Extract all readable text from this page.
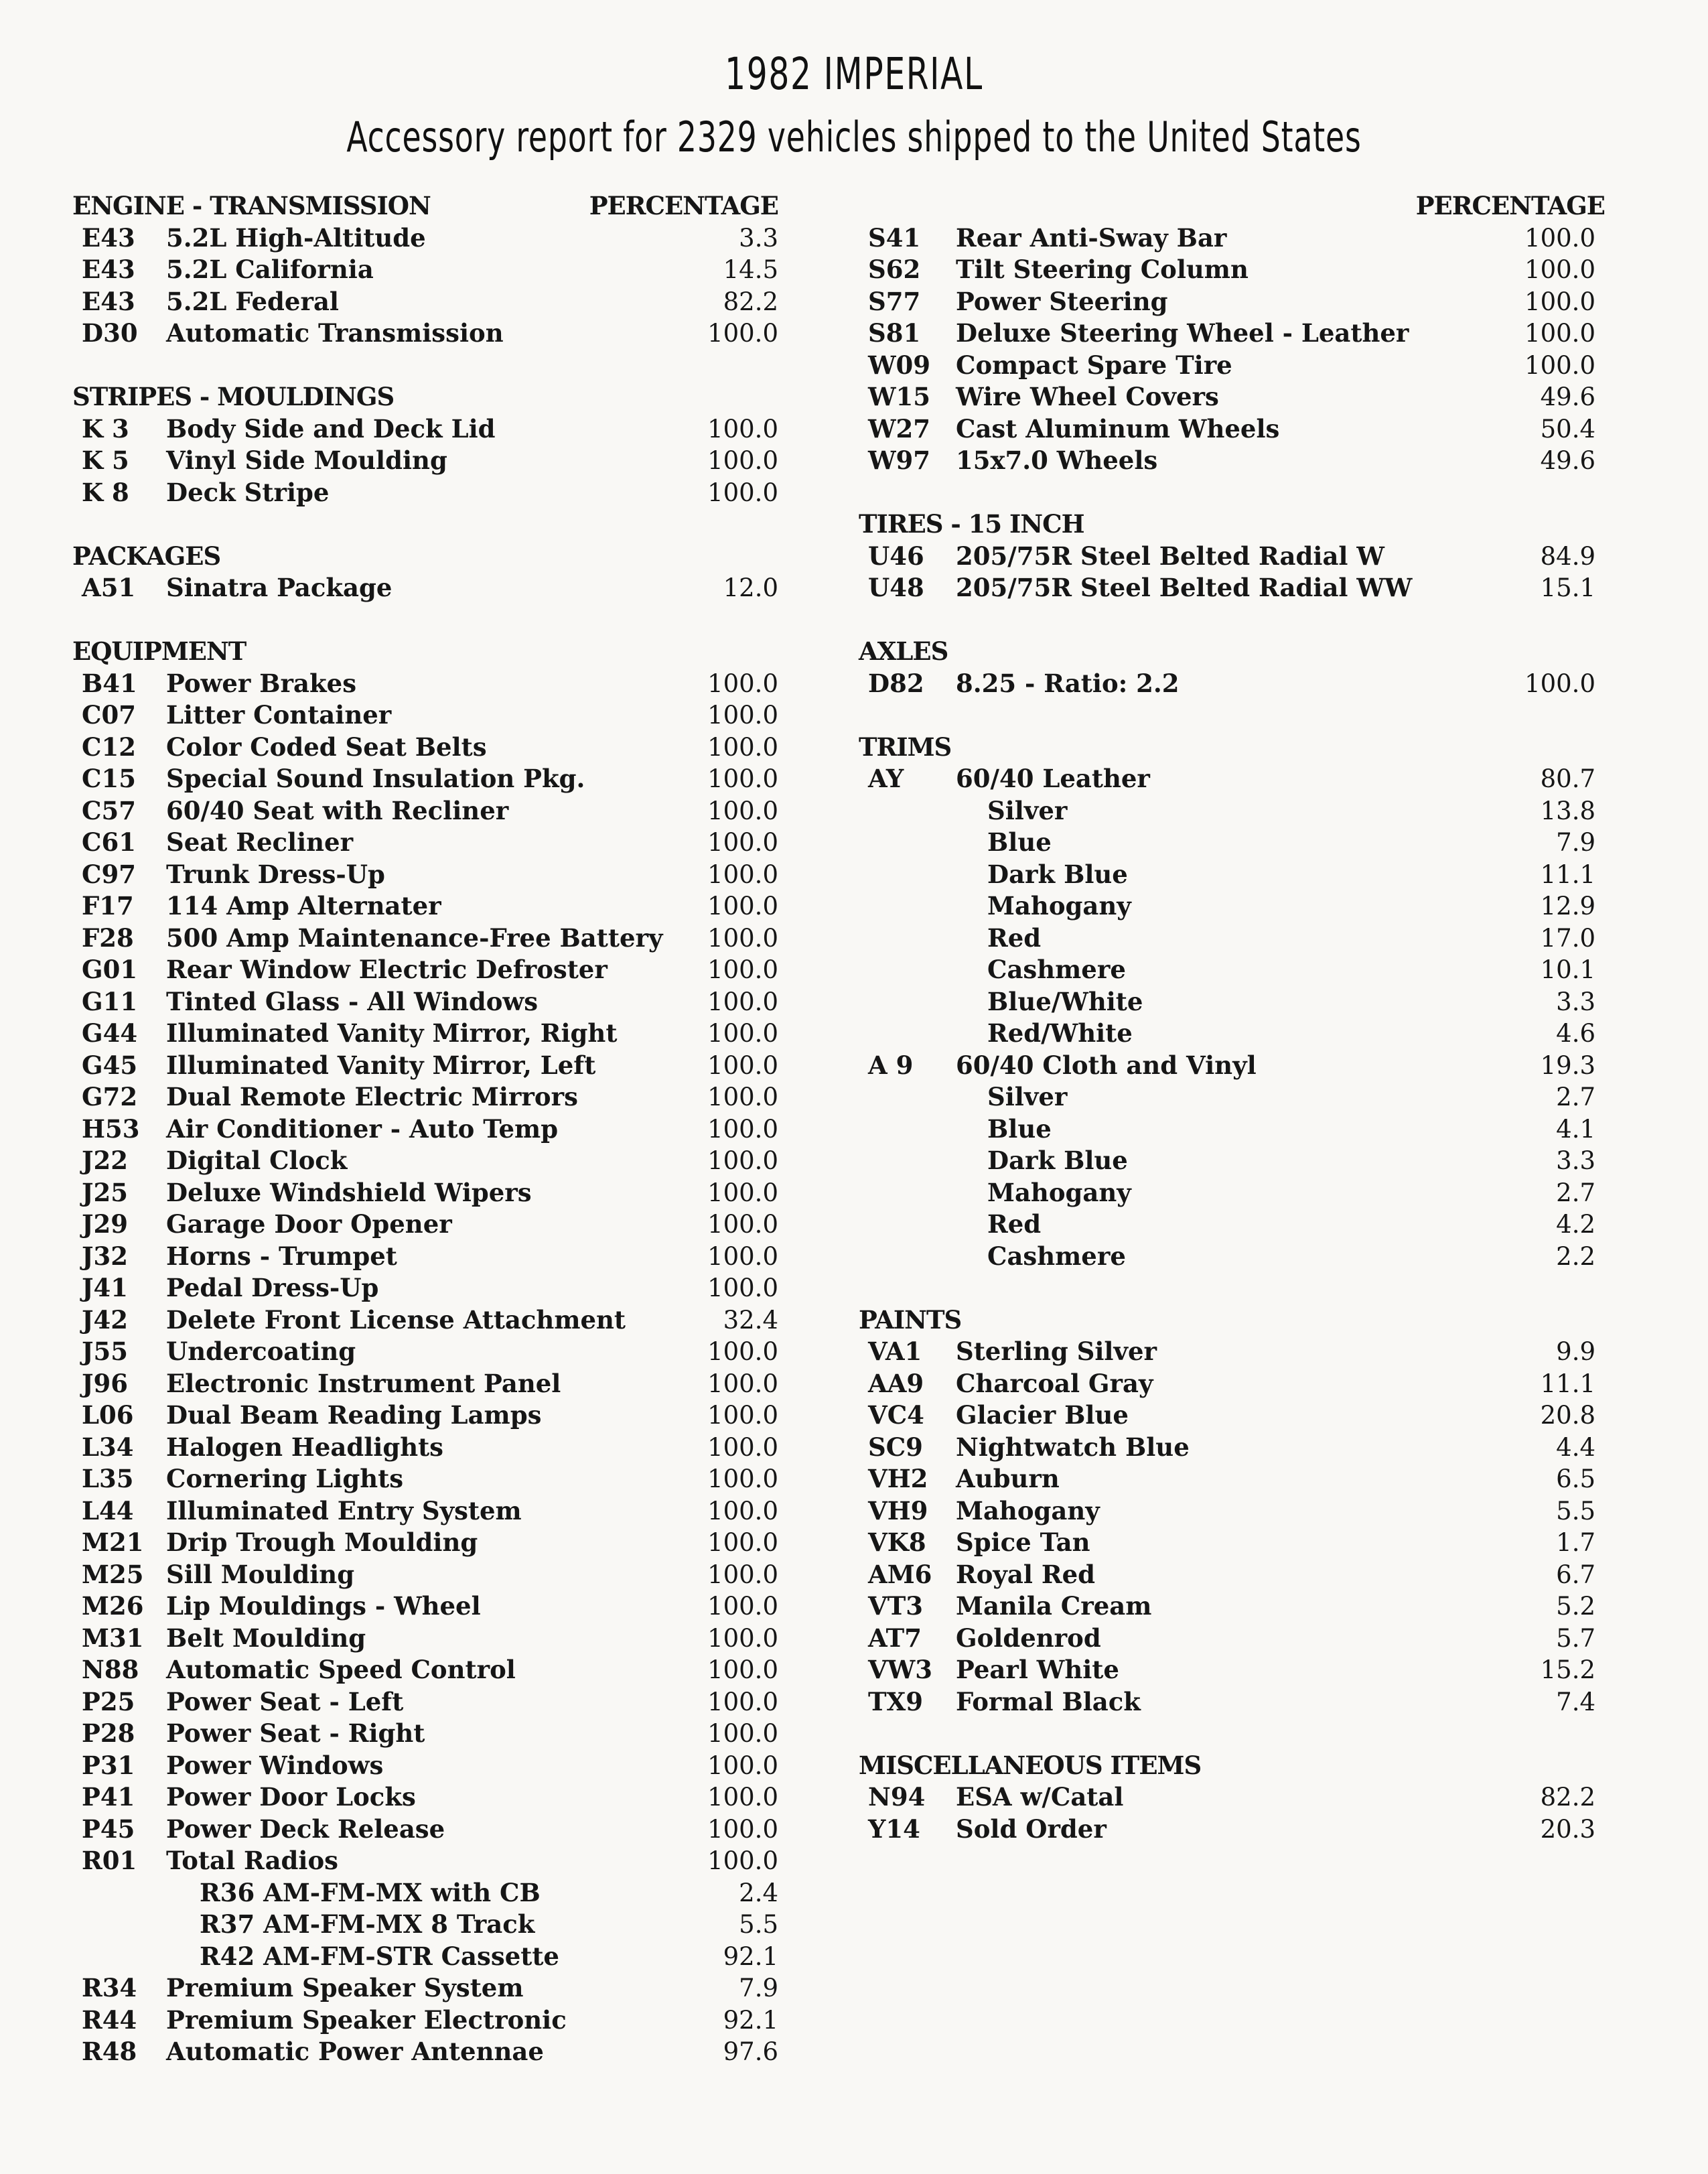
1982 IMPERIAL
Accessory report for 2329 vehicles shipped to the United States
ENGINE - TRANSMISSION	PERCENTAGE
E43 5.2L High-Altitude	3.3
E43 5.2L California	14.5
E43 5.2L Federal	82.2
D30 Automatic Transmission	100.0
STRIPES - MOULDINGS
K 3 Body Side and Deck Lid	100.0
K 5 Vinyl Side Moulding	100.0
K 8 Deck Stripe	100.0
PACKAGES
A51 Sinatra Package	12.0
EQUIPMENT
B41 Power Brakes	100.0
C07 Litter Container	100.0
C12 Color Coded Seat Belts	100.0
C15 Special Sound Insulation Pkg.	100.0
C57 60/40 Seat with Recliner	100.0
C61 Seat Recliner	100.0
C97 Trunk Dress-Up	100.0
F17 114 Amp Alternater	100.0
F28 500 Amp Maintenance-Free Battery	100.0
G01 Rear Window Electric Defroster	100.0
G11 Tinted Glass - All Windows	100.0
G44 Illuminated Vanity Mirror, Right	100.0
G45 Illuminated Vanity Mirror, Left	100.0
G72 Dual Remote Electric Mirrors	100.0
H53 Air Conditioner - Auto Temp	100.0
J22 Digital Clock	100.0
J25 Deluxe Windshield Wipers	100.0
J29 Garage Door Opener	100.0
J32 Horns - Trumpet	100.0
J41 Pedal Dress-Up	100.0
J42 Delete Front License Attachment	32.4
J55 Undercoating	100.0
J96 Electronic Instrument Panel	100.0
L06 Dual Beam Reading Lamps	100.0
L34 Halogen Headlights	100.0
L35 Cornering Lights	100.0
L44 Illuminated Entry System	100.0
M21 Drip Trough Moulding	100.0
M25 Sill Moulding	100.0
M26 Lip Mouldings - Wheel	100.0
M31 Belt Moulding	100.0
N88 Automatic Speed Control	100.0
P25 Power Seat - Left	100.0
P28 Power Seat - Right	100.0
P31 Power Windows	100.0
P41 Power Door Locks	100.0
P45 Power Deck Release	100.0
R01 Total Radios	100.0
R36 AM-FM-MX with CB	2.4
R37 AM-FM-MX 8 Track	5.5
R42 AM-FM-STR Cassette	92.1
R34 Premium Speaker System	7.9
R44 Premium Speaker Electronic	92.1
R48 Automatic Power Antennae	97.6
PERCENTAGE
S41 Rear Anti-Sway Bar	100.0
S62 Tilt Steering Column	100.0
S77 Power Steering	100.0
S81 Deluxe Steering Wheel - Leather	100.0
W09 Compact Spare Tire	100.0
W15 Wire Wheel Covers	49.6
W27 Cast Aluminum Wheels	50.4
W97 15x7.0 Wheels	49.6
TIRES - 15 INCH
U46 205/75R Steel Belted Radial W	84.9
U48 205/75R Steel Belted Radial WW	15.1
AXLES
D82 8.25 - Ratio: 2.2	100.0
TRIMS
AY 60/40 Leather	80.7
Silver	13.8
Blue	7.9
Dark Blue	11.1
Mahogany	12.9
Red	17.0
Cashmere	10.1
Blue/White	3.3
Red/White	4.6
A 9 60/40 Cloth and Vinyl	19.3
Silver	2.7
Blue	4.1
Dark Blue	3.3
Mahogany	2.7
Red	4.2
Cashmere	2.2
PAINTS
VA1 Sterling Silver	9.9
AA9 Charcoal Gray	11.1
VC4 Glacier Blue	20.8
SC9 Nightwatch Blue	4.4
VH2 Auburn	6.5
VH9 Mahogany	5.5
VK8 Spice Tan	1.7
AM6 Royal Red	6.7
VT3 Manila Cream	5.2
AT7 Goldenrod	5.7
VW3 Pearl White	15.2
TX9 Formal Black	7.4
MISCELLANEOUS ITEMS
N94 ESA w/Catal	82.2
Y14 Sold Order	20.3
